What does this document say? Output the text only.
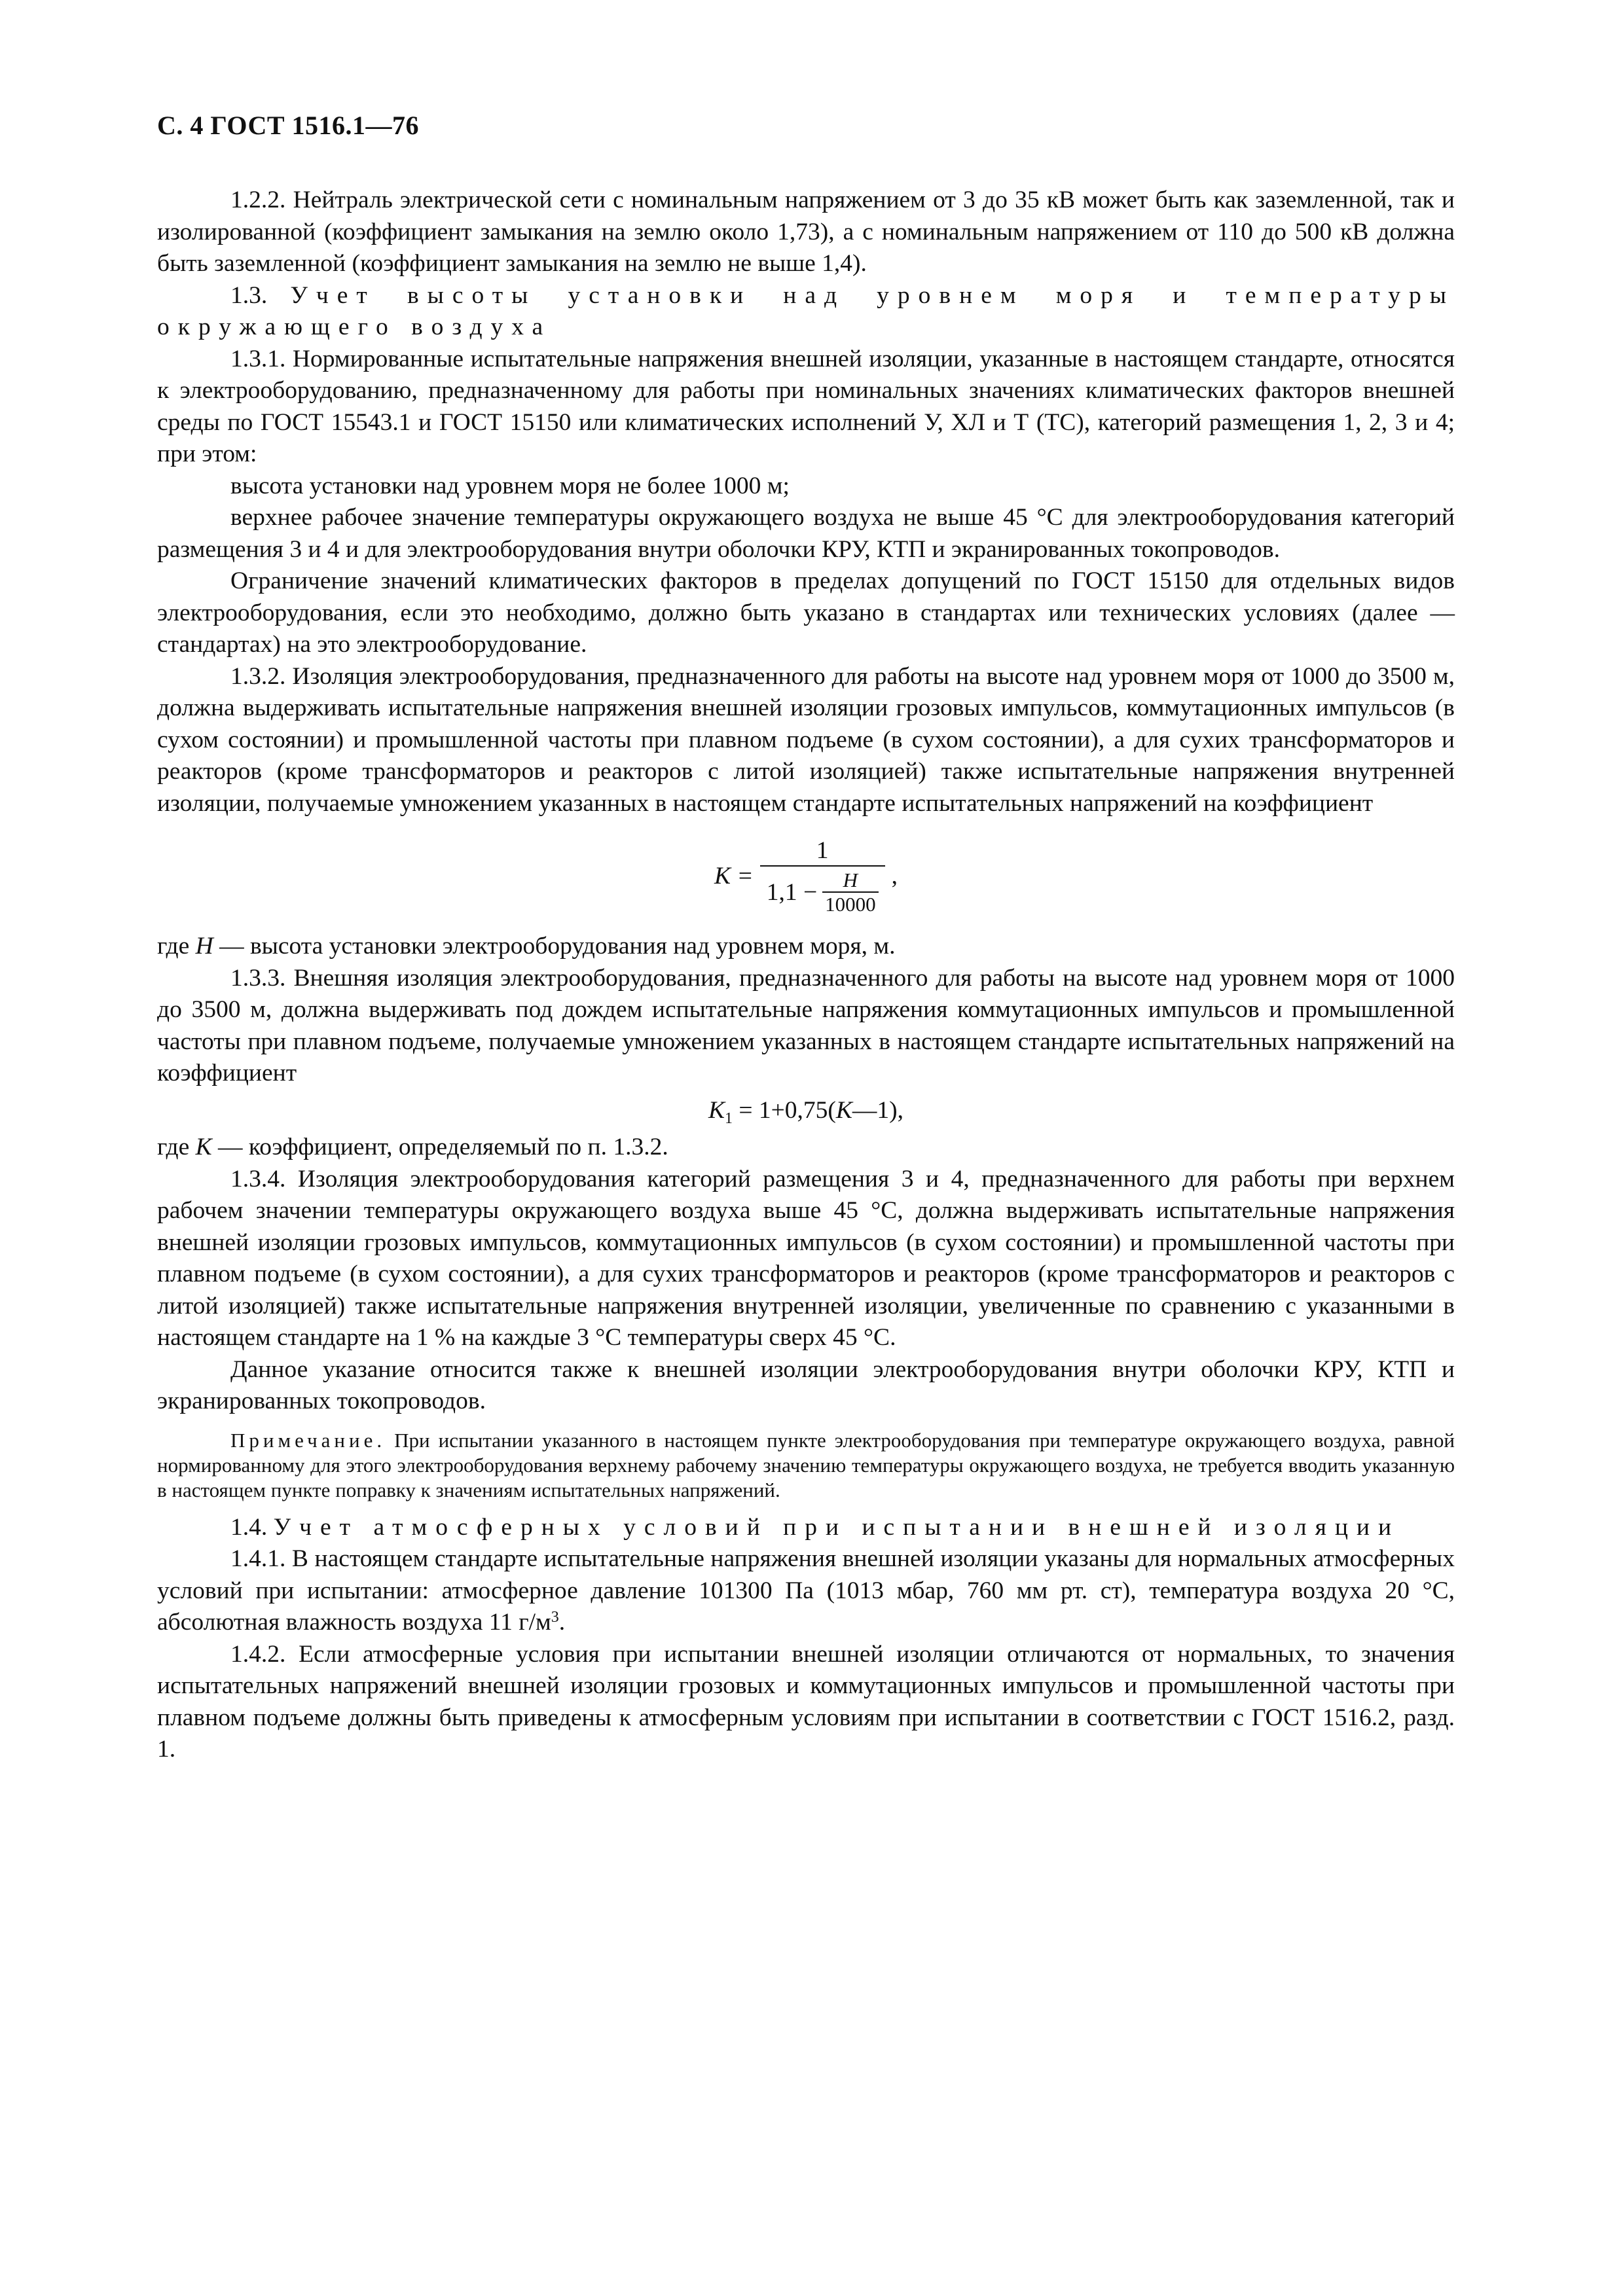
С. 4 ГОСТ 1516.1—76

1.2.2. Нейтраль электрической сети с номинальным напряжением от 3 до 35 кВ может быть как заземленной, так и изолированной (коэффициент замыкания на землю около 1,73), а с номинальным напряжением от 110 до 500 кВ должна быть заземленной (коэффициент замыкания на землю не выше 1,4).

1.3. Учет высоты установки над уровнем моря и температуры окружающего воздуха

1.3.1. Нормированные испытательные напряжения внешней изоляции, указанные в настоящем стандарте, относятся к электрооборудованию, предназначенному для работы при номинальных значениях климатических факторов внешней среды по ГОСТ 15543.1 и ГОСТ 15150 или климатических исполнений У, ХЛ и Т (ТС), категорий размещения 1, 2, 3 и 4; при этом:

высота установки над уровнем моря не более 1000 м;

верхнее рабочее значение температуры окружающего воздуха не выше 45 °С для электрооборудования категорий размещения 3 и 4 и для электрооборудования внутри оболочки КРУ, КТП и экранированных токопроводов.

Ограничение значений климатических факторов в пределах допущений по ГОСТ 15150 для отдельных видов электрооборудования, если это необходимо, должно быть указано в стандартах или технических условиях (далее — стандартах) на это электрооборудование.

1.3.2. Изоляция электрооборудования, предназначенного для работы на высоте над уровнем моря от 1000 до 3500 м, должна выдерживать испытательные напряжения внешней изоляции грозовых импульсов, коммутационных импульсов (в сухом состоянии) и промышленной частоты при плавном подъеме (в сухом состоянии), а для сухих трансформаторов и реакторов (кроме трансформаторов и реакторов с литой изоляцией) также испытательные напряжения внутренней изоляции, получаемые умножением указанных в настоящем стандарте испытательных напряжений на коэффициент

$K = \frac{1}{1,1 - \frac{H}{10000}}$ ,

где H — высота установки электрооборудования над уровнем моря, м.

1.3.3. Внешняя изоляция электрооборудования, предназначенного для работы на высоте над уровнем моря от 1000 до 3500 м, должна выдерживать под дождем испытательные напряжения коммутационных импульсов и промышленной частоты при плавном подъеме, получаемые умножением указанных в настоящем стандарте испытательных напряжений на коэффициент

$K_1$ = 1+0,75(K—1),

где K — коэффициент, определяемый по п. 1.3.2.

1.3.4. Изоляция электрооборудования категорий размещения 3 и 4, предназначенного для работы при верхнем рабочем значении температуры окружающего воздуха выше 45 °С, должна выдерживать испытательные напряжения внешней изоляции грозовых импульсов, коммутационных импульсов (в сухом состоянии) и промышленной частоты при плавном подъеме (в сухом состоянии), а для сухих трансформаторов и реакторов (кроме трансформаторов и реакторов с литой изоляцией) также испытательные напряжения внутренней изоляции, увеличенные по сравнению с указанными в настоящем стандарте на 1 % на каждые 3 °С температуры сверх 45 °С.

Данное указание относится также к внешней изоляции электрооборудования внутри оболочки КРУ, КТП и экранированных токопроводов.

Примечание. При испытании указанного в настоящем пункте электрооборудования при температуре окружающего воздуха, равной нормированному для этого электрооборудования верхнему рабочему значению температуры окружающего воздуха, не требуется вводить указанную в настоящем пункте поправку к значениям испытательных напряжений.

1.4. Учет атмосферных условий при испытании внешней изоляции

1.4.1. В настоящем стандарте испытательные напряжения внешней изоляции указаны для нормальных атмосферных условий при испытании: атмосферное давление 101300 Па (1013 мбар, 760 мм рт. ст), температура воздуха 20 °С, абсолютная влажность воздуха 11 $г/м^3$.

1.4.2. Если атмосферные условия при испытании внешней изоляции отличаются от нормальных, то значения испытательных напряжений внешней изоляции грозовых и коммутационных импульсов и промышленной частоты при плавном подъеме должны быть приведены к атмосферным условиям при испытании в соответствии с ГОСТ 1516.2, разд. 1.
